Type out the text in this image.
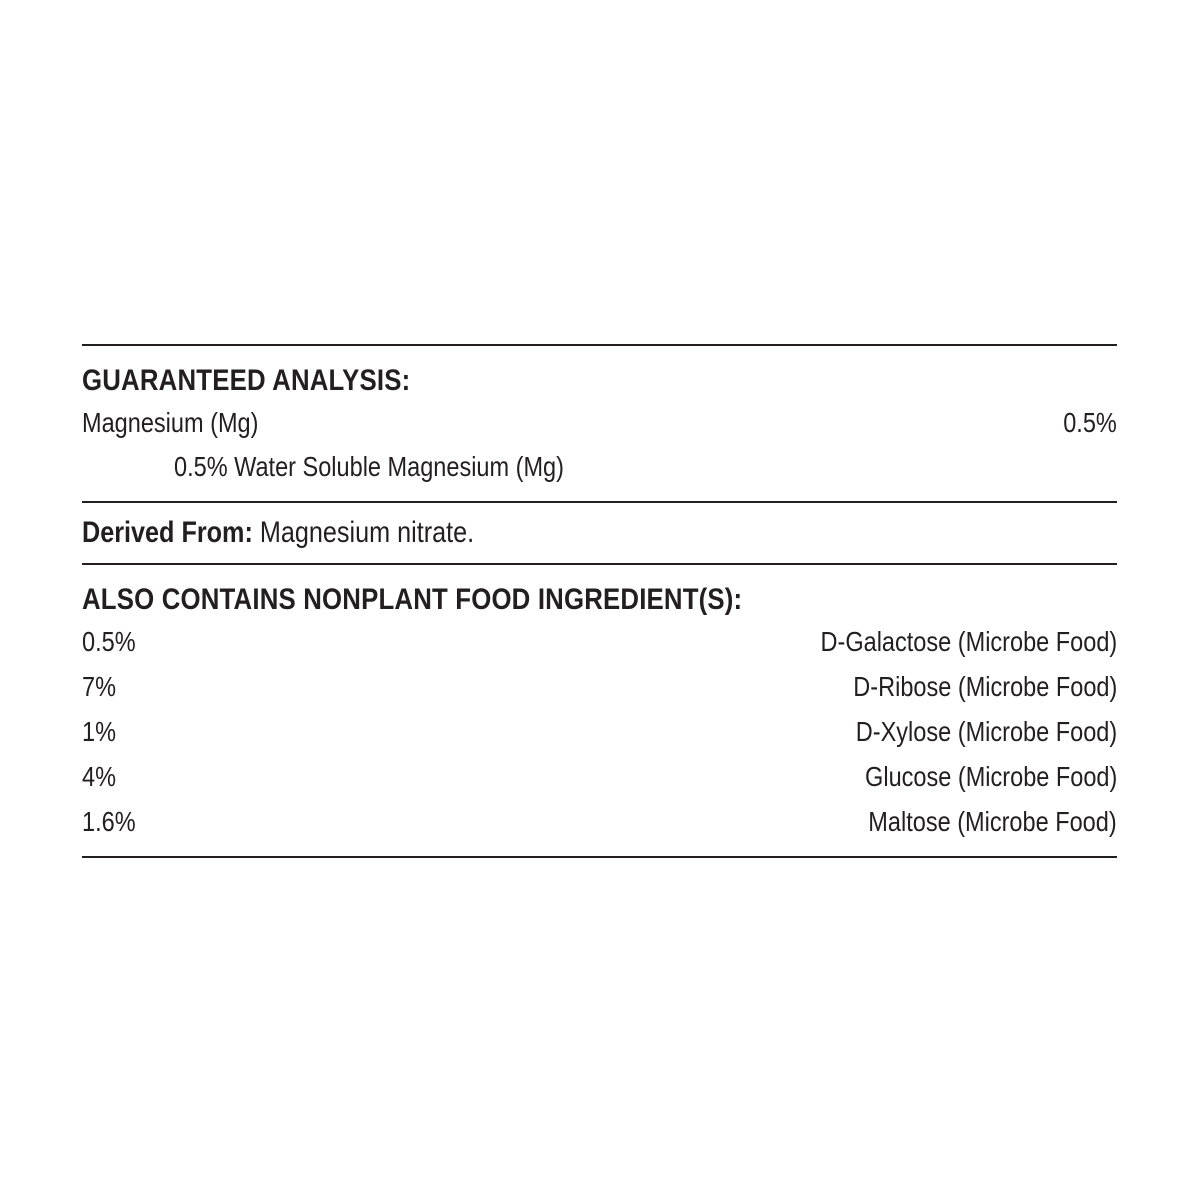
GUARANTEED ANALYSIS:
Magnesium (Mg)	0.5%
0.5% Water Soluble Magnesium (Mg)
Derived From: Magnesium nitrate.
ALSO CONTAINS NONPLANT FOOD INGREDIENT(S):
0.5%	D-Galactose (Microbe Food)
7%	D-Ribose (Microbe Food)
1%	D-Xylose (Microbe Food)
4%	Glucose (Microbe Food)
1.6%	Maltose (Microbe Food)
